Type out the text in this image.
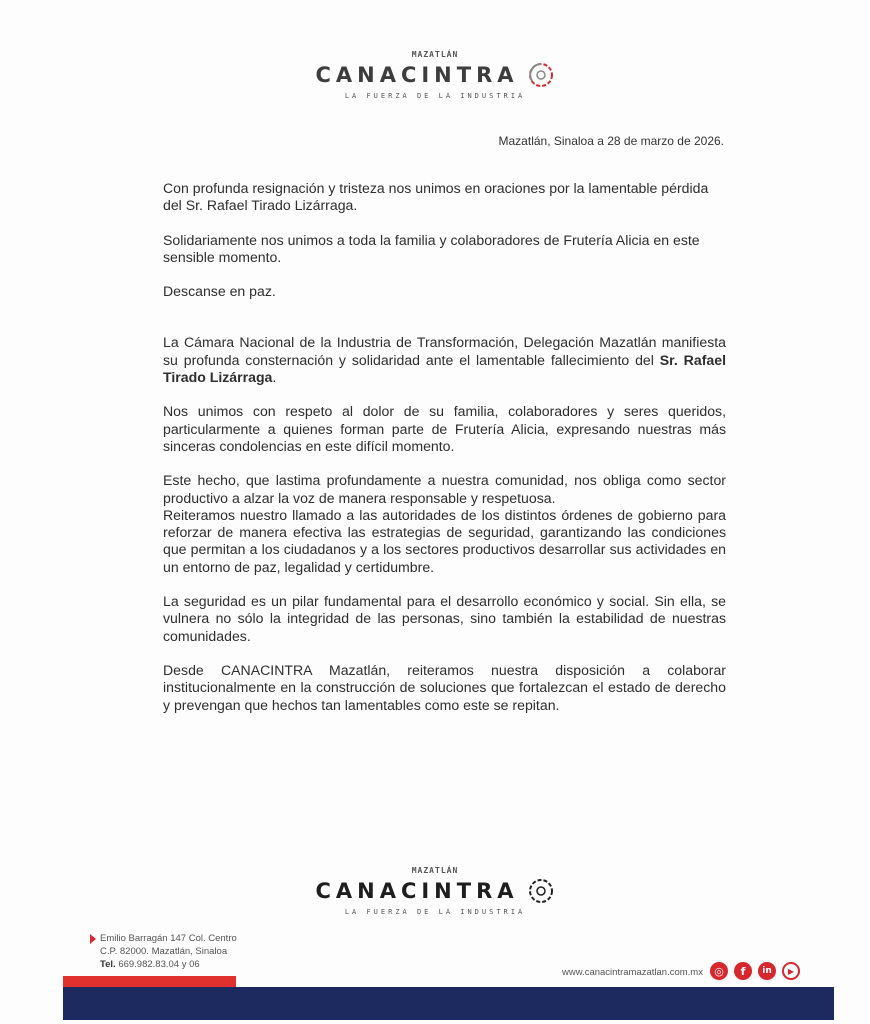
MAZATLÁN
CANACINTRA
LA FUERZA DE LA INDUSTRIA
Mazatlán, Sinaloa a 28 de marzo de 2026.

Con profunda resignación y tristeza nos unimos en oraciones por la lamentable pérdida del Sr. Rafael Tirado Lizárraga.

Solidariamente nos unimos a toda la familia y colaboradores de Frutería Alicia en este sensible momento.

Descanse en paz.

La Cámara Nacional de la Industria de Transformación, Delegación Mazatlán manifiesta su profunda consternación y solidaridad ante el lamentable fallecimiento del Sr. Rafael Tirado Lizárraga.

Nos unimos con respeto al dolor de su familia, colaboradores y seres queridos, particularmente a quienes forman parte de Frutería Alicia, expresando nuestras más sinceras condolencias en este difícil momento.

Este hecho, que lastima profundamente a nuestra comunidad, nos obliga como sector productivo a alzar la voz de manera responsable y respetuosa.

Reiteramos nuestro llamado a las autoridades de los distintos órdenes de gobierno para reforzar de manera efectiva las estrategias de seguridad, garantizando las condiciones que permitan a los ciudadanos y a los sectores productivos desarrollar sus actividades en un entorno de paz, legalidad y certidumbre.

La seguridad es un pilar fundamental para el desarrollo económico y social. Sin ella, se vulnera no sólo la integridad de las personas, sino también la estabilidad de nuestras comunidades.

Desde CANACINTRA Mazatlán, reiteramos nuestra disposición a colaborar institucionalmente en la construcción de soluciones que fortalezcan el estado de derecho y prevengan que hechos tan lamentables como este se repitan.

MAZATLÁN
CANACINTRA
LA FUERZA DE LA INDUSTRIA
Emilio Barragán 147 Col. Centro
C.P. 82000. Mazatlán, Sinaloa
Tel. 669.982.83.04 y 06
www.canacintramazatlan.com.mx	◎	f	in	▶
